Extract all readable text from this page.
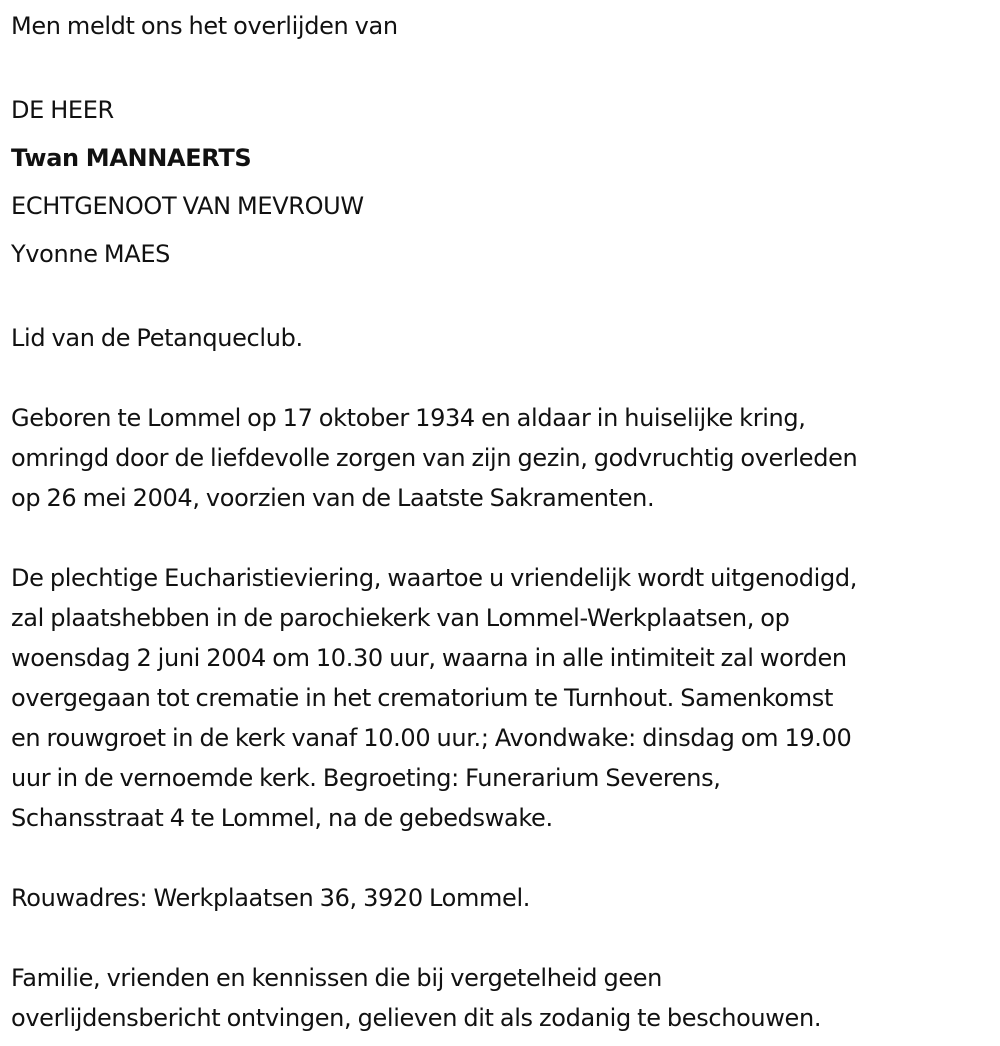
Men meldt ons het overlijden van

DE HEER

Twan MANNAERTS

ECHTGENOOT VAN MEVROUW

Yvonne MAES

Lid van de Petanqueclub.

Geboren te Lommel op 17 oktober 1934 en aldaar in huiselijke kring,

omringd door de liefdevolle zorgen van zijn gezin, godvruchtig overleden

op 26 mei 2004, voorzien van de Laatste Sakramenten.

De plechtige Eucharistieviering, waartoe u vriendelijk wordt uitgenodigd,

zal plaatshebben in de parochiekerk van Lommel-Werkplaatsen, op

woensdag 2 juni 2004 om 10.30 uur, waarna in alle intimiteit zal worden

overgegaan tot crematie in het crematorium te Turnhout. Samenkomst

en rouwgroet in de kerk vanaf 10.00 uur.; Avondwake: dinsdag om 19.00

uur in de vernoemde kerk. Begroeting: Funerarium Severens,

Schansstraat 4 te Lommel, na de gebedswake.

Rouwadres: Werkplaatsen 36, 3920 Lommel.

Familie, vrienden en kennissen die bij vergetelheid geen

overlijdensbericht ontvingen, gelieven dit als zodanig te beschouwen.
